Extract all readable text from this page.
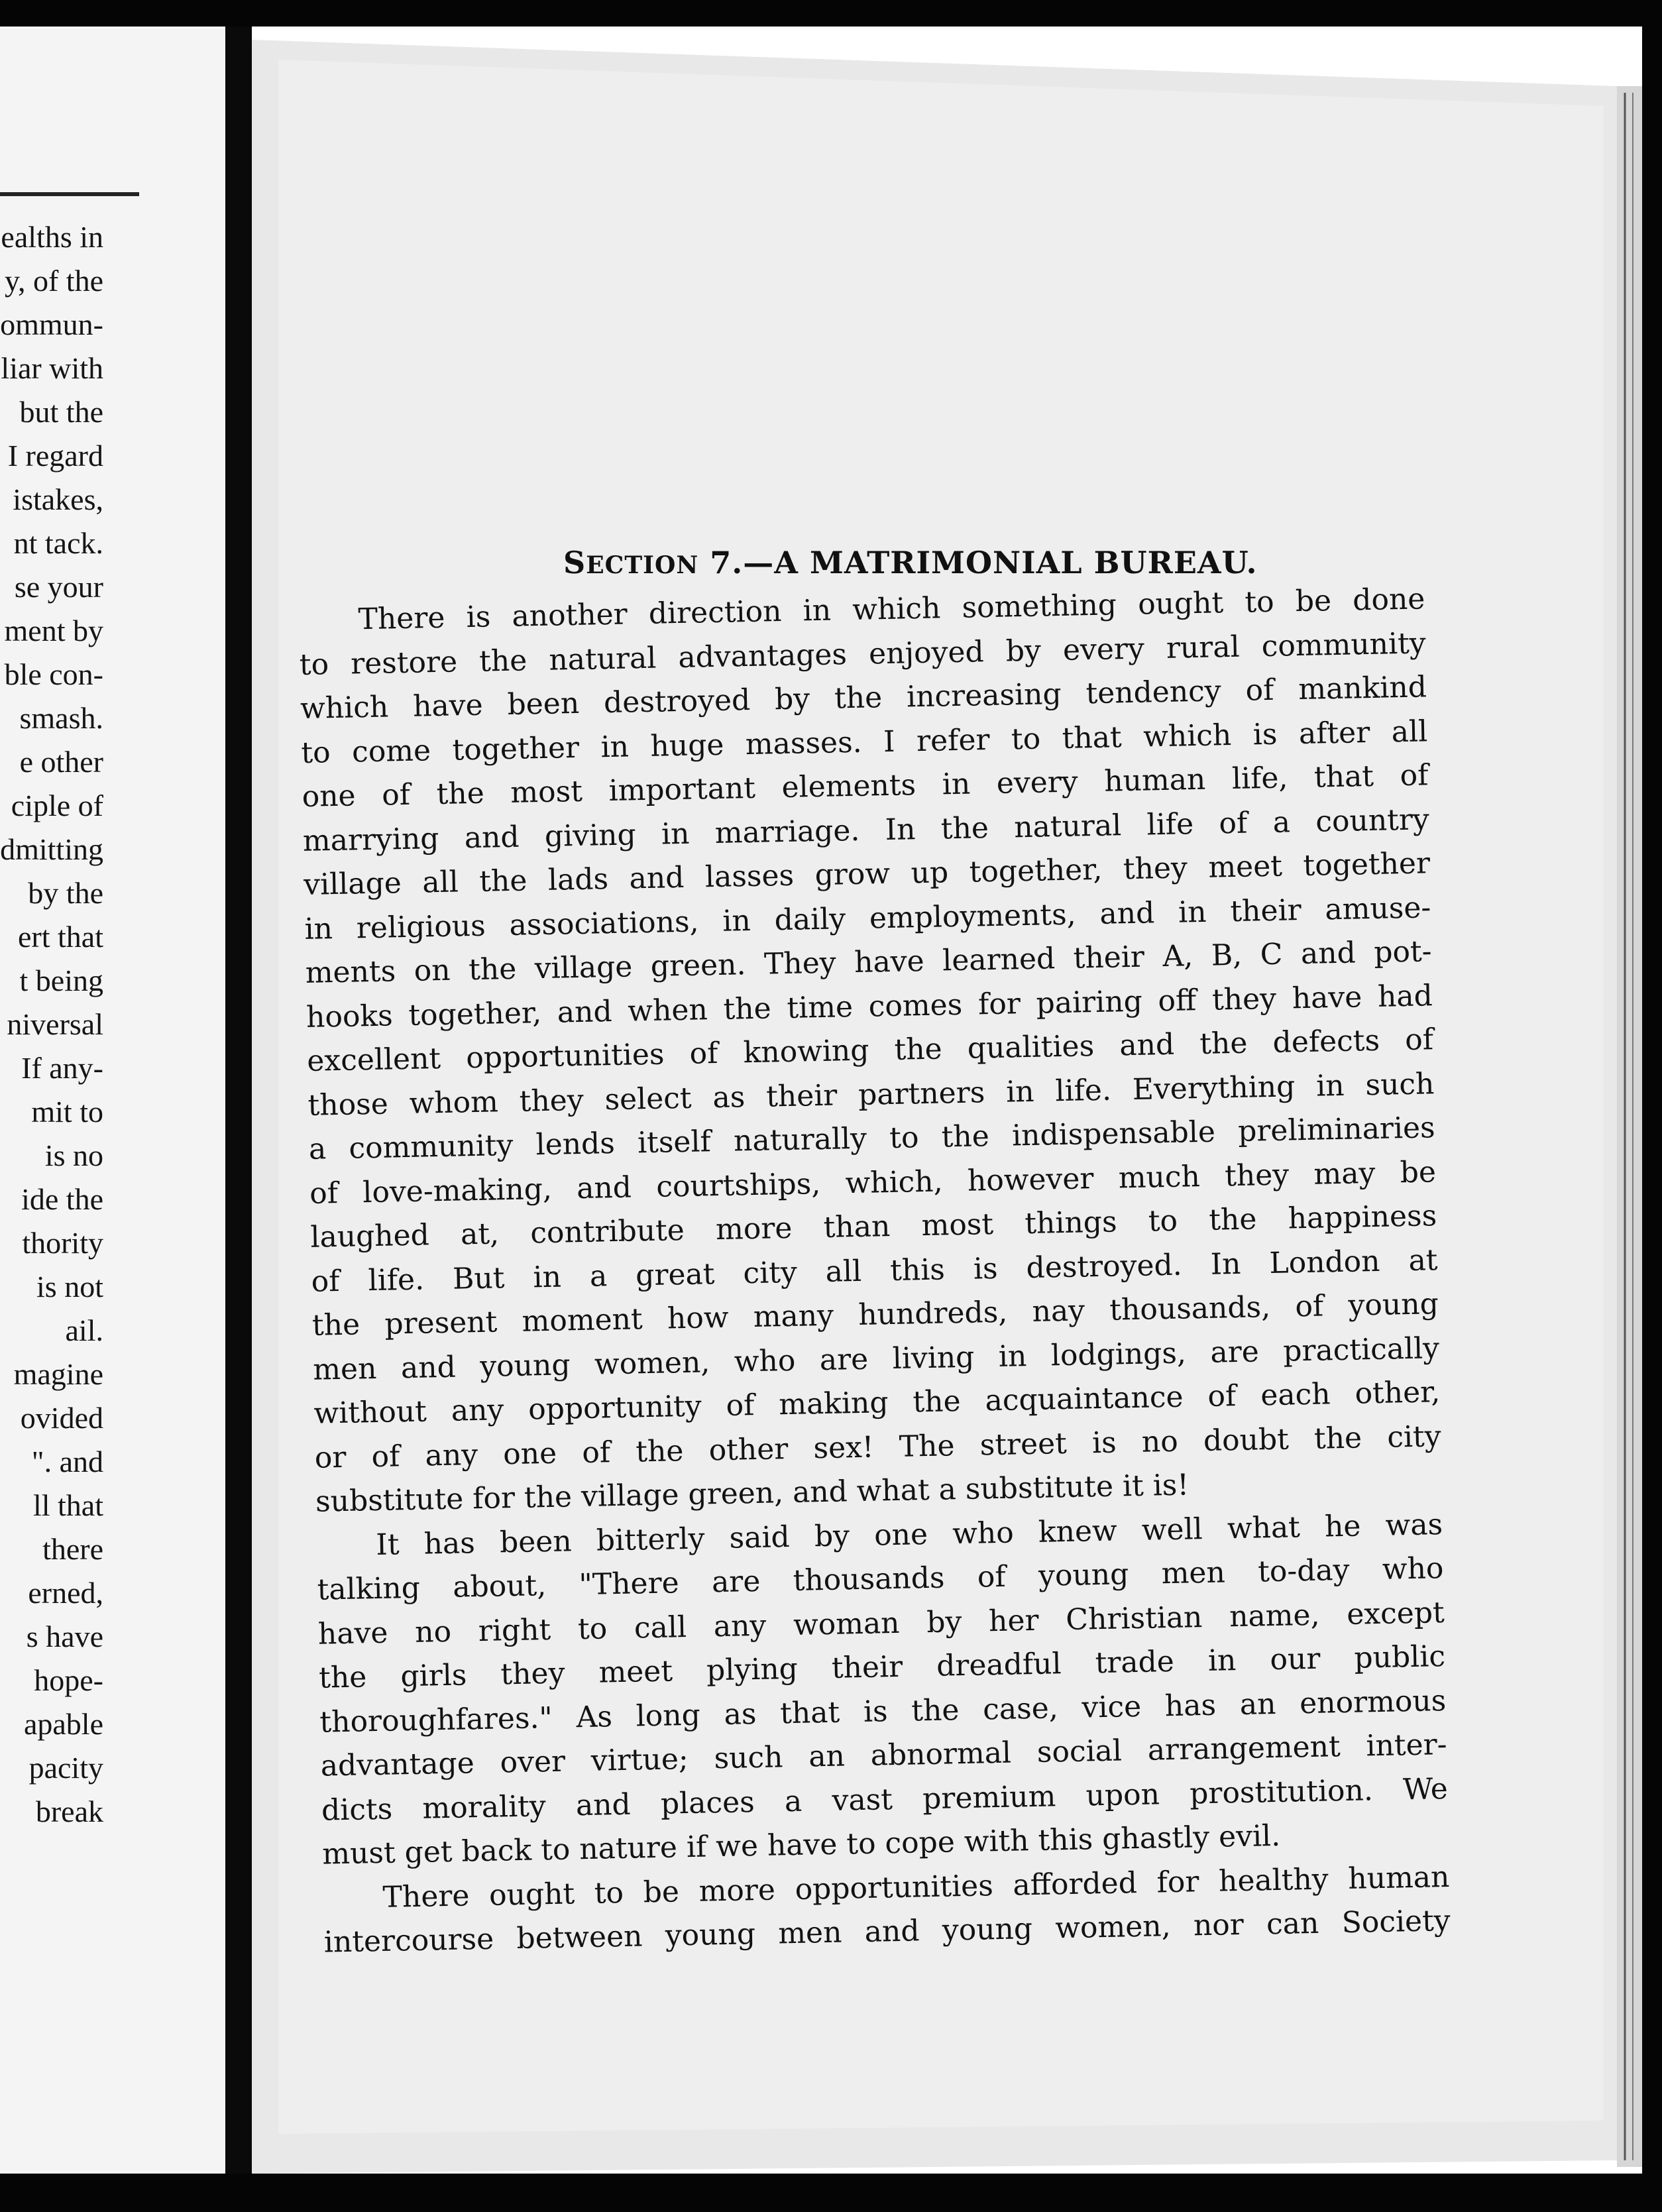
ealths in
y, of the
ommun-
liar with
but the
I regard
istakes,
nt tack.
se your
ment by
ble con-
smash.
e other
ciple of
dmitting
by the
ert that
t being
niversal
If any-
mit to
is no
ide the
thority
is not
ail.
magine
ovided
". and
ll that
there
erned,
s have
hope-
apable
pacity
break
SECTION 7.—A MATRIMONIAL BUREAU.
There is another direction in which something ought to be done
to restore the natural advantages enjoyed by every rural community
which have been destroyed by the increasing tendency of mankind
to come together in huge masses. I refer to that which is after all
one of the most important elements in every human life, that of
marrying and giving in marriage. In the natural life of a country
village all the lads and lasses grow up together, they meet together
in religious associations, in daily employments, and in their amuse-
ments on the village green. They have learned their A, B, C and pot-
hooks together, and when the time comes for pairing off they have had
excellent opportunities of knowing the qualities and the defects of
those whom they select as their partners in life. Everything in such
a community lends itself naturally to the indispensable preliminaries
of love-making, and courtships, which, however much they may be
laughed at, contribute more than most things to the happiness
of life. But in a great city all this is destroyed. In London at
the present moment how many hundreds, nay thousands, of young
men and young women, who are living in lodgings, are practically
without any opportunity of making the acquaintance of each other,
or of any one of the other sex! The street is no doubt the city
substitute for the village green, and what a substitute it is!
It has been bitterly said by one who knew well what he was
talking about, "There are thousands of young men to-day who
have no right to call any woman by her Christian name, except
the girls they meet plying their dreadful trade in our public
thoroughfares." As long as that is the case, vice has an enormous
advantage over virtue; such an abnormal social arrangement inter-
dicts morality and places a vast premium upon prostitution. We
must get back to nature if we have to cope with this ghastly evil.
There ought to be more opportunities afforded for healthy human
intercourse between young men and young women, nor can Society
